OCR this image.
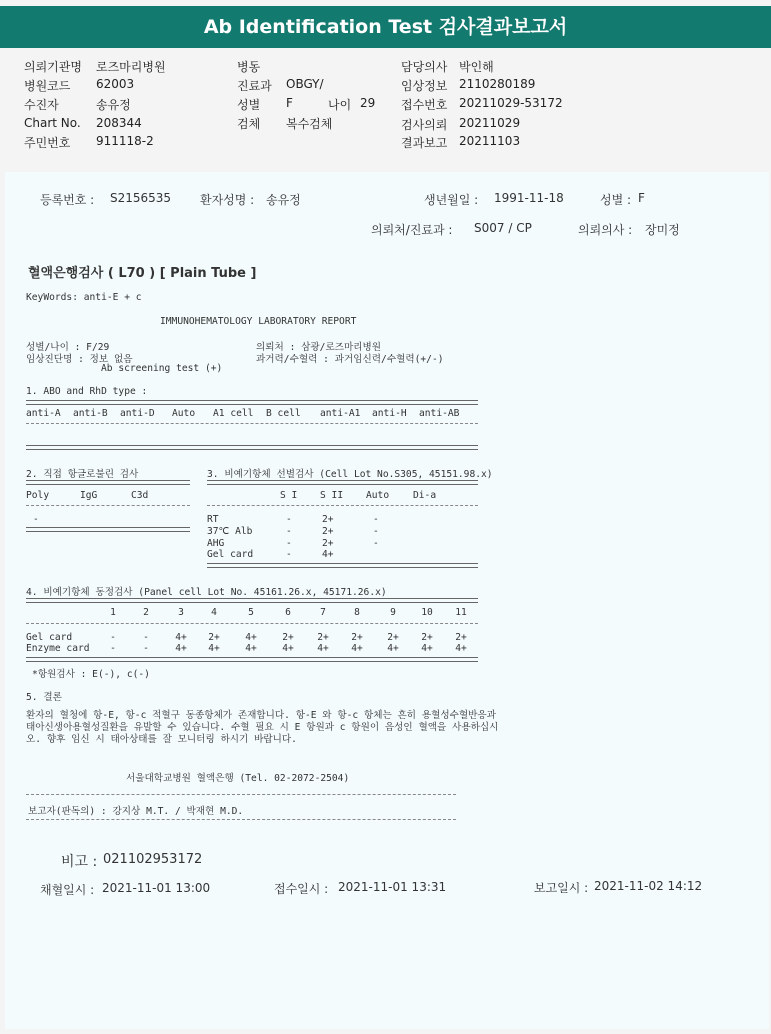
Ab Identification Test 검사결과보고서
의뢰기관명 로즈마리병원
병원코드 62003
수진자	송유정
Chart No. 208344
주민번호 911118-2
병동
진료과 OBGY/
성별 F	나이 29
검체 복수검체
담당의사 박인해
임상정보 2110280189
접수번호 20211029-53172
검사의뢰 20211029
결과보고 20211103
등록번호 : S2156535 환자성명 : 송유정	생년월일 : 1991-11-18	성별 : F
의뢰처/진료과 : S007 / CP	의뢰의사 : 장미정
혈액은행검사 ( L70 ) [ Plain Tube ]
KeyWords: anti-E + c
IMMUNOHEMATOLOGY LABORATORY REPORT
성별/나이 : F/29	의뢰처 : 삼광/로즈마리병원
임상진단명 : 정보 없음	과거력/수혈력 : 과거임신력/수혈력(+/-)
Ab screening test (+)
1. ABO and RhD type :
anti-A anti-B anti-D Auto A1 cell B cell anti-A1 anti-H anti-AB
2. 직접 항글로불린 검사
Poly	IgG	C3d
-
3. 비예기항체 선별검사 (Cell Lot No.S305, 45151.98.x)
S I S II Auto Di-a
RT	-	2+	-
37℃ Alb	-	2+	-
AHG	-	2+	-
Gel card	-	4+
4. 비예기항체 동정검사 (Panel cell Lot No. 45161.26.x, 45171.26.x)
1	2	3	4	5	6	7	8	9	10	11
Gel card	-	-	4+	2+	4+	2+	2+	2+	2+	2+	2+
Enzyme card	-	-	4+	4+	4+	4+	4+	4+	4+	4+	4+
*항원검사 : E(-), c(-)
5. 결론
환자의 혈청에 항-E, 항-c 적혈구 동종항체가 존재합니다. 항-E 와 항-c 항체는 흔히 용혈성수혈반응과 태아신생아용혈성질환을 유발할 수 있습니다. 수혈 필요 시 E 항원과 c 항원이 음성인 혈액을 사용하십시오. 향후 임신 시 태아상태를 잘 모니터링 하시기 바랍니다.
서울대학교병원 혈액은행 (Tel. 02-2072-2504)
보고자(판독의) : 강지상 M.T. / 박재현 M.D.
비고 : 021102953172
채혈일시 : 2021-11-01 13:00	접수일시 : 2021-11-01 13:31	보고일시 : 2021-11-02 14:12
